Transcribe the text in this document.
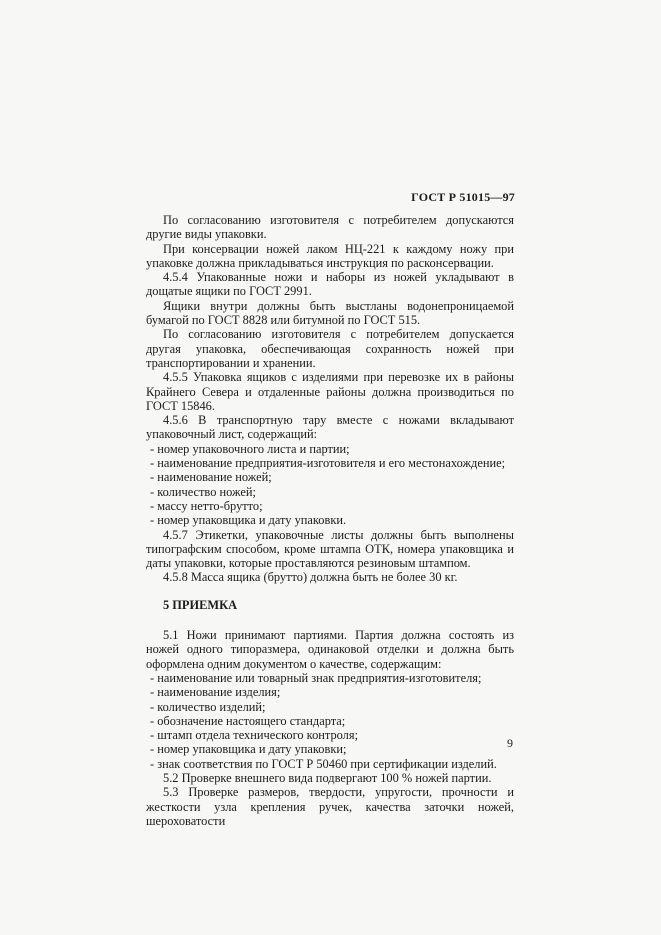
ГОСТ Р 51015—97

По согласованию изготовителя с потребителем допускаются другие виды упаковки.

При консервации ножей лаком НЦ-221 к каждому ножу при упаковке должна прикладываться инструкция по расконсервации.

4.5.4 Упакованные ножи и наборы из ножей укладывают в дощатые ящики по ГОСТ 2991.

Ящики внутри должны быть выстланы водонепроницаемой бумагой по ГОСТ 8828 или битумной по ГОСТ 515.

По согласованию изготовителя с потребителем допускается другая упаковка, обеспечивающая сохранность ножей при транспортировании и хранении.

4.5.5 Упаковка ящиков с изделиями при перевозке их в районы Крайнего Севера и отдаленные районы должна производиться по ГОСТ 15846.

4.5.6 В транспортную тару вместе с ножами вкладывают упаковочный лист, содержащий:

- номер упаковочного листа и партии;

- наименование предприятия-изготовителя и его местонахождение;

- наименование ножей;

- количество ножей;

- массу нетто-брутто;

- номер упаковщика и дату упаковки.

4.5.7 Этикетки, упаковочные листы должны быть выполнены типографским способом, кроме штампа ОТК, номера упаковщика и даты упаковки, которые проставляются резиновым штампом.

4.5.8 Масса ящика (брутто) должна быть не более 30 кг.

5 ПРИЕМКА

5.1 Ножи принимают партиями. Партия должна состоять из ножей одного типоразмера, одинаковой отделки и должна быть оформлена одним документом о качестве, содержащим:

- наименование или товарный знак предприятия-изготовителя;

- наименование изделия;

- количество изделий;

- обозначение настоящего стандарта;

- штамп отдела технического контроля;

- номер упаковщика и дату упаковки;

- знак соответствия по ГОСТ Р 50460 при сертификации изделий.

5.2 Проверке внешнего вида подвергают 100 % ножей партии.

5.3 Проверке размеров, твердости, упругости, прочности и жесткости узла крепления ручек, качества заточки ножей, шероховатости

9
